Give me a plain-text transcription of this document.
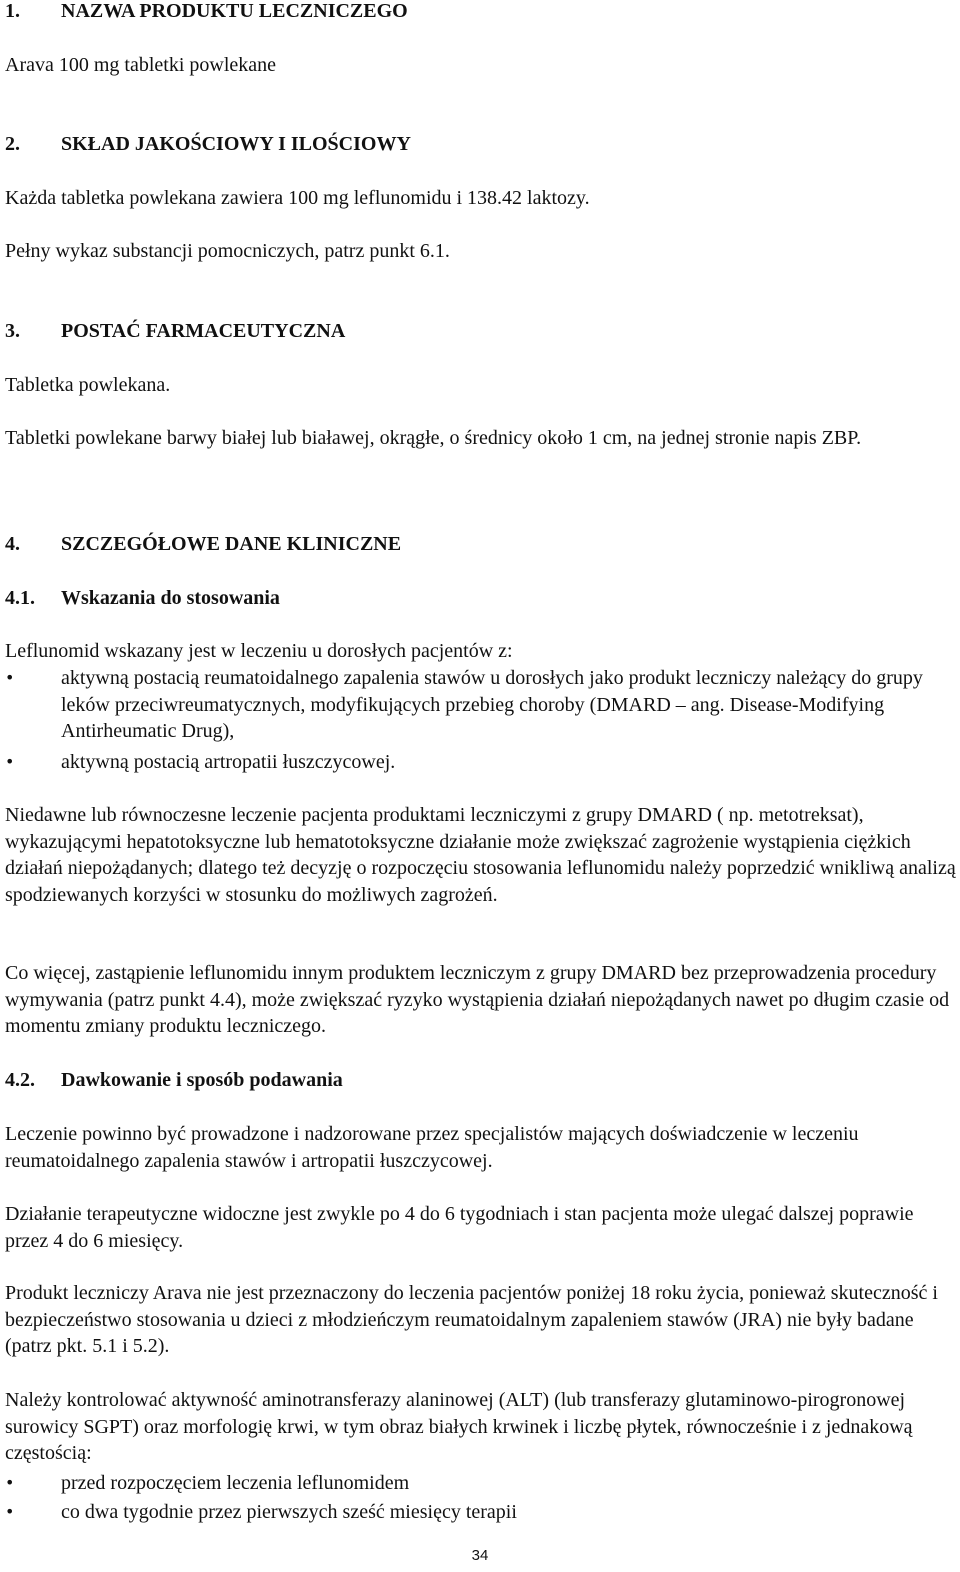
1. NAZWA PRODUKTU LECZNICZEGO

Arava 100 mg tabletki powlekane

2. SKŁAD JAKOŚCIOWY I ILOŚCIOWY

Każda tabletka powlekana zawiera 100 mg leflunomidu i 138.42 laktozy.

Pełny wykaz substancji pomocniczych, patrz punkt 6.1.

3. POSTAĆ FARMACEUTYCZNA

Tabletka powlekana.

Tabletki powlekane barwy białej lub białawej, okrągłe, o średnicy około 1 cm, na jednej stronie napis ZBP.

4. SZCZEGÓŁOWE DANE KLINICZNE
4.1. Wskazania do stosowania

Leflunomid wskazany jest w leczeniu u dorosłych pacjentów z:

•	aktywną postacią reumatoidalnego zapalenia stawów u dorosłych jako produkt leczniczy należący do grupy leków przeciwreumatycznych, modyfikujących przebieg choroby (DMARD – ang. Disease-Modifying Antirheumatic Drug),
•	aktywną postacią artropatii łuszczycowej.

Niedawne lub równoczesne leczenie pacjenta produktami leczniczymi z grupy DMARD ( np. metotreksat), wykazującymi hepatotoksyczne lub hematotoksyczne działanie może zwiększać zagrożenie wystąpienia ciężkich działań niepożądanych; dlatego też decyzję o rozpoczęciu stosowania leflunomidu należy poprzedzić wnikliwą analizą spodziewanych korzyści w stosunku do możliwych zagrożeń.

Co więcej, zastąpienie leflunomidu innym produktem leczniczym z grupy DMARD bez przeprowadzenia procedury wymywania (patrz punkt 4.4), może zwiększać ryzyko wystąpienia działań niepożądanych nawet po długim czasie od momentu zmiany produktu leczniczego.

4.2. Dawkowanie i sposób podawania

Leczenie powinno być prowadzone i nadzorowane przez specjalistów mających doświadczenie w leczeniu reumatoidalnego zapalenia stawów i artropatii łuszczycowej.

Działanie terapeutyczne widoczne jest zwykle po 4 do 6 tygodniach i stan pacjenta może ulegać dalszej poprawie przez 4 do 6 miesięcy.

Produkt leczniczy Arava nie jest przeznaczony do leczenia pacjentów poniżej 18 roku życia, ponieważ skuteczność i bezpieczeństwo stosowania u dzieci z młodzieńczym reumatoidalnym zapaleniem stawów (JRA) nie były badane (patrz pkt. 5.1 i 5.2).

Należy kontrolować aktywność aminotransferazy alaninowej (ALT) (lub transferazy glutaminowo-pirogronowej surowicy SGPT) oraz morfologię krwi, w tym obraz białych krwinek i liczbę płytek, równocześnie i z jednakową częstością:

•	przed rozpoczęciem leczenia leflunomidem
•	co dwa tygodnie przez pierwszych sześć miesięcy terapii
34
